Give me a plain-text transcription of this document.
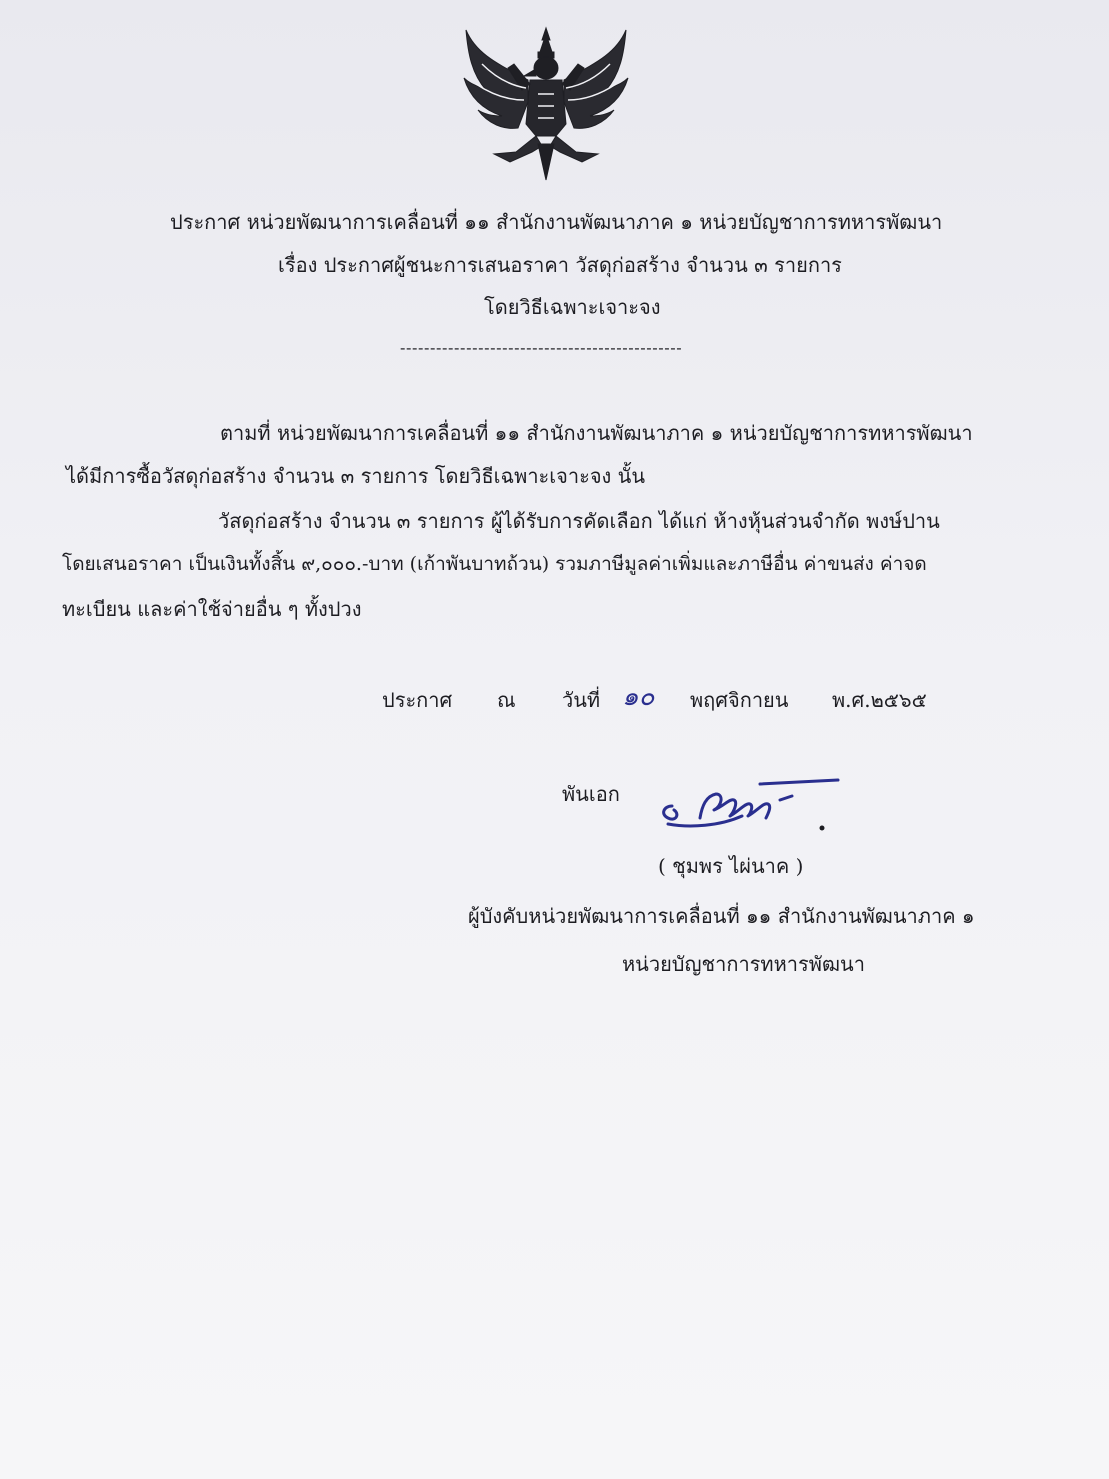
ประกาศ หน่วยพัฒนาการเคลื่อนที่ ๑๑ สำนักงานพัฒนาภาค ๑ หน่วยบัญชาการทหารพัฒนา
เรื่อง ประกาศผู้ชนะการเสนอราคา วัสดุก่อสร้าง จำนวน ๓ รายการ
โดยวิธีเฉพาะเจาะจง
-----------------------------------------------
ตามที่ หน่วยพัฒนาการเคลื่อนที่ ๑๑ สำนักงานพัฒนาภาค ๑ หน่วยบัญชาการทหารพัฒนา
ได้มีการซื้อวัสดุก่อสร้าง จำนวน ๓ รายการ โดยวิธีเฉพาะเจาะจง นั้น
วัสดุก่อสร้าง จำนวน ๓ รายการ ผู้ได้รับการคัดเลือก ได้แก่ ห้างหุ้นส่วนจำกัด พงษ์ปาน
โดยเสนอราคา เป็นเงินทั้งสิ้น ๙,๐๐๐.-บาท (เก้าพันบาทถ้วน) รวมภาษีมูลค่าเพิ่มและภาษีอื่น ค่าขนส่ง ค่าจด
ทะเบียน และค่าใช้จ่ายอื่น ๆ ทั้งปวง
ประกาศ ณ วันที่ ๑๐ พฤศจิกายน พ.ศ.๒๕๖๕
พันเอก
( ชุมพร ไผ่นาค )
ผู้บังคับหน่วยพัฒนาการเคลื่อนที่ ๑๑ สำนักงานพัฒนาภาค ๑
หน่วยบัญชาการทหารพัฒนา
